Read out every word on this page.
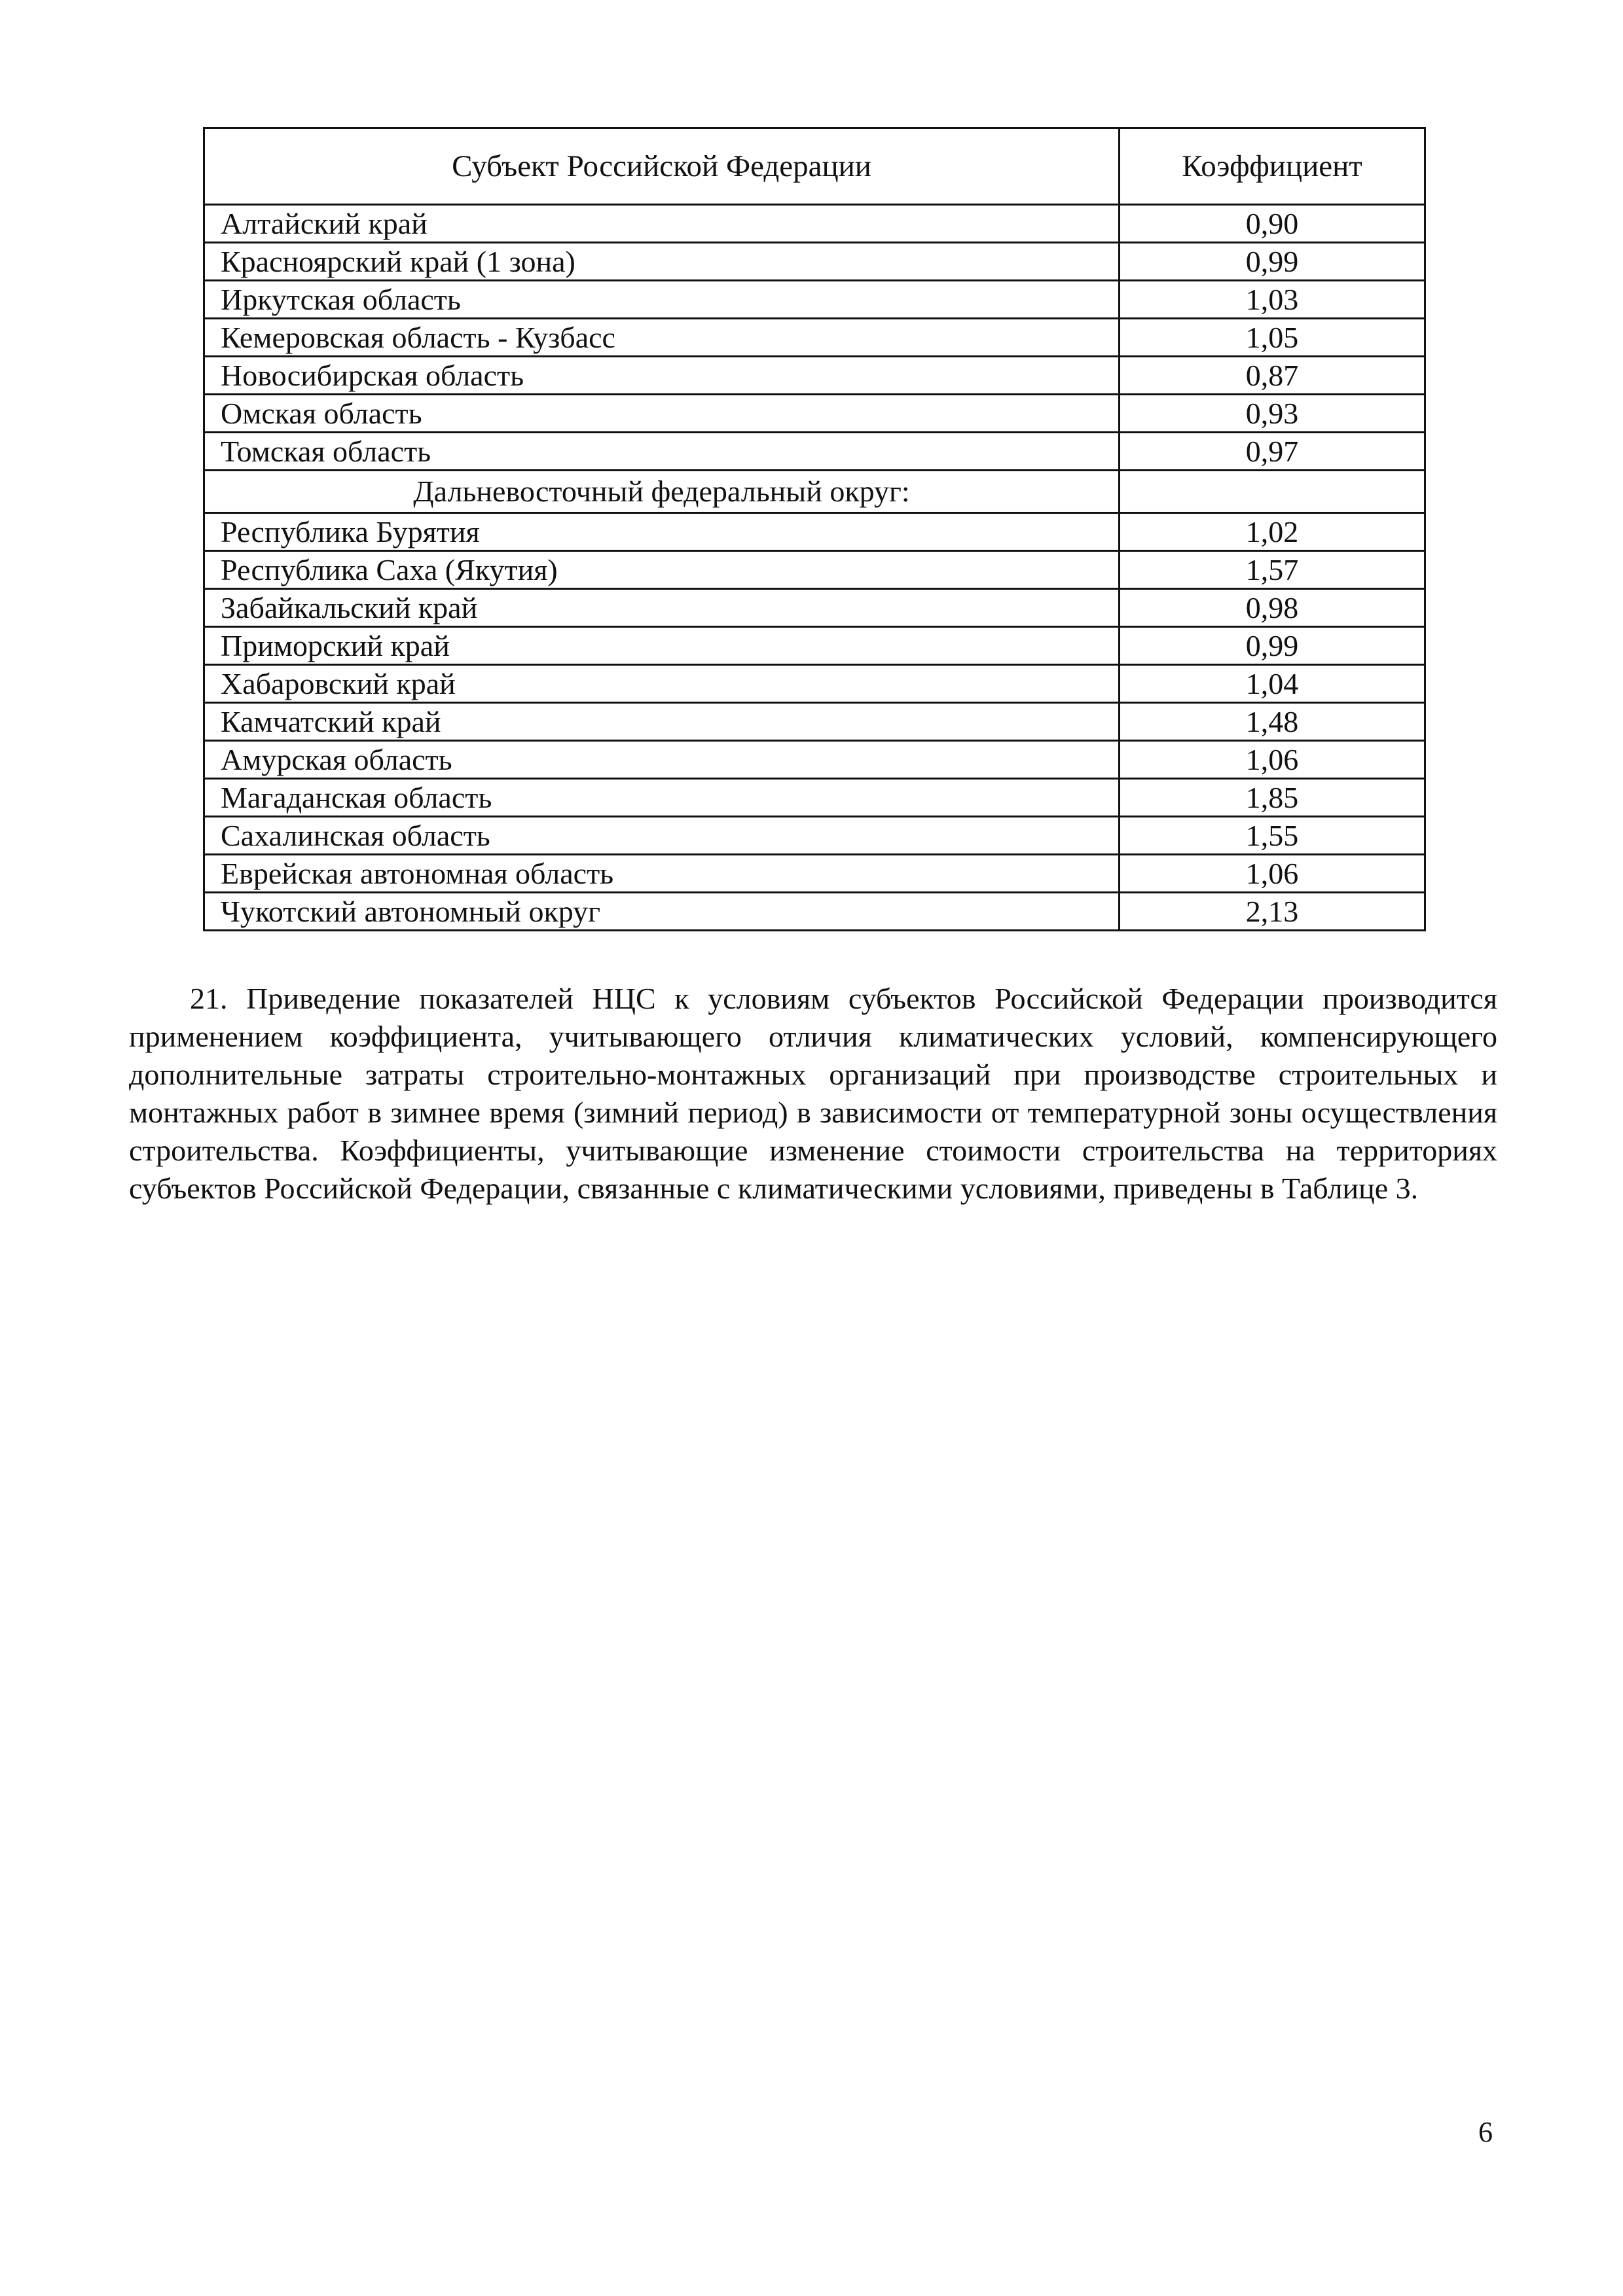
Субъект Российской Федерации	Коэффициент
Алтайский край	0,90
Красноярский край (1 зона)	0,99
Иркутская область	1,03
Кемеровская область - Кузбасс	1,05
Новосибирская область	0,87
Омская область	0,93
Томская область	0,97
Дальневосточный федеральный округ:	
Республика Бурятия	1,02
Республика Саха (Якутия)	1,57
Забайкальский край	0,98
Приморский край	0,99
Хабаровский край	1,04
Камчатский край	1,48
Амурская область	1,06
Магаданская область	1,85
Сахалинская область	1,55
Еврейская автономная область	1,06
Чукотский автономный округ	2,13

21. Приведение показателей НЦС к условиям субъектов Российской Федерации производится применением коэффициента, учитывающего отличия климатических условий, компенсирующего дополнительные затраты строительно-монтажных организаций при производстве строительных и монтажных работ в зимнее время (зимний период) в зависимости от температурной зоны осуществления строительства. Коэффициенты, учитывающие изменение стоимости строительства на территориях субъектов Российской Федерации, связанные с климатическими условиями, приведены в Таблице 3.

6
